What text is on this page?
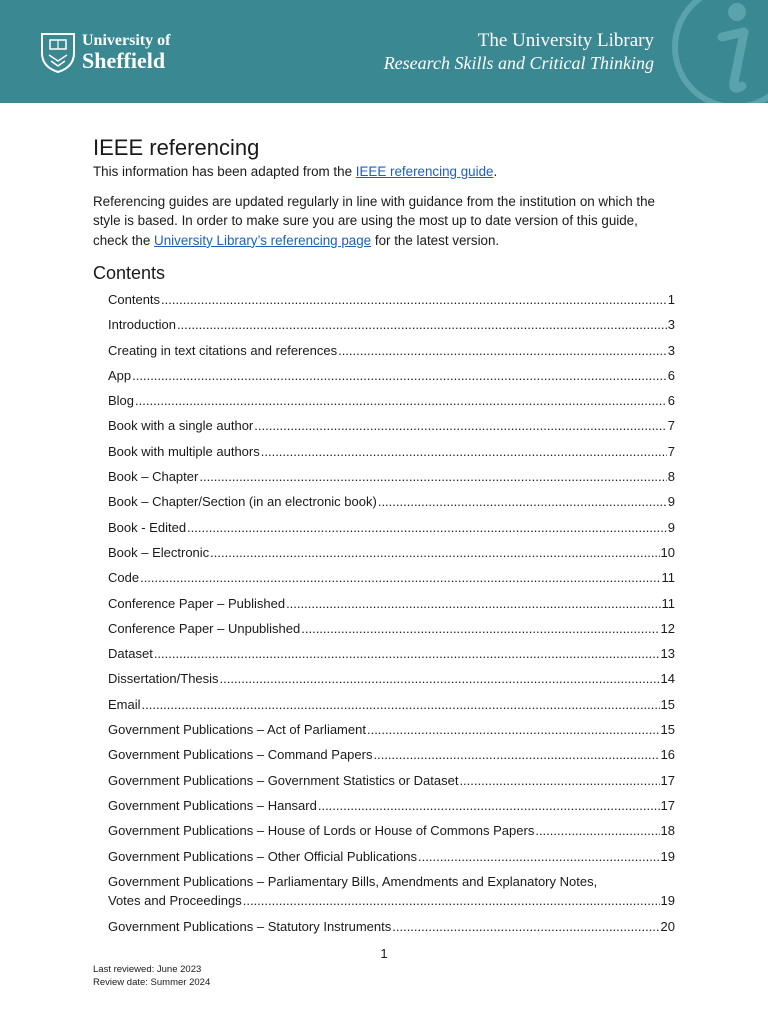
University of
Sheffield
The University Library
Research Skills and Critical Thinking
IEEE referencing

This information has been adapted from the IEEE referencing guide.

Referencing guides are updated regularly in line with guidance from the institution on which the style is based. In order to make sure you are using the most up to date version of this guide, check the University Library’s referencing page for the latest version.

Contents
Contents .....	1
Introduction .....	3
Creating in text citations and references .....	3
App .....	6
Blog .....	6
Book with a single author .....	7
Book with multiple authors .....	7
Book – Chapter .....	8
Book – Chapter/Section (in an electronic book) .....	9
Book - Edited .....	9
Book – Electronic .....	10
Code .....	11
Conference Paper – Published .....	11
Conference Paper – Unpublished .....	12
Dataset .....	13
Dissertation/Thesis .....	14
Email .....	15
Government Publications – Act of Parliament .....	15
Government Publications – Command Papers .....	16
Government Publications – Government Statistics or Dataset .....	17
Government Publications – Hansard .....	17
Government Publications – House of Lords or House of Commons Papers .....	18
Government Publications – Other Official Publications .....	19
Government Publications – Parliamentary Bills, Amendments and Explanatory Notes,
Votes and Proceedings .....	19
Government Publications – Statutory Instruments .....	20
1
Last reviewed: June 2023
Review date: Summer 2024
